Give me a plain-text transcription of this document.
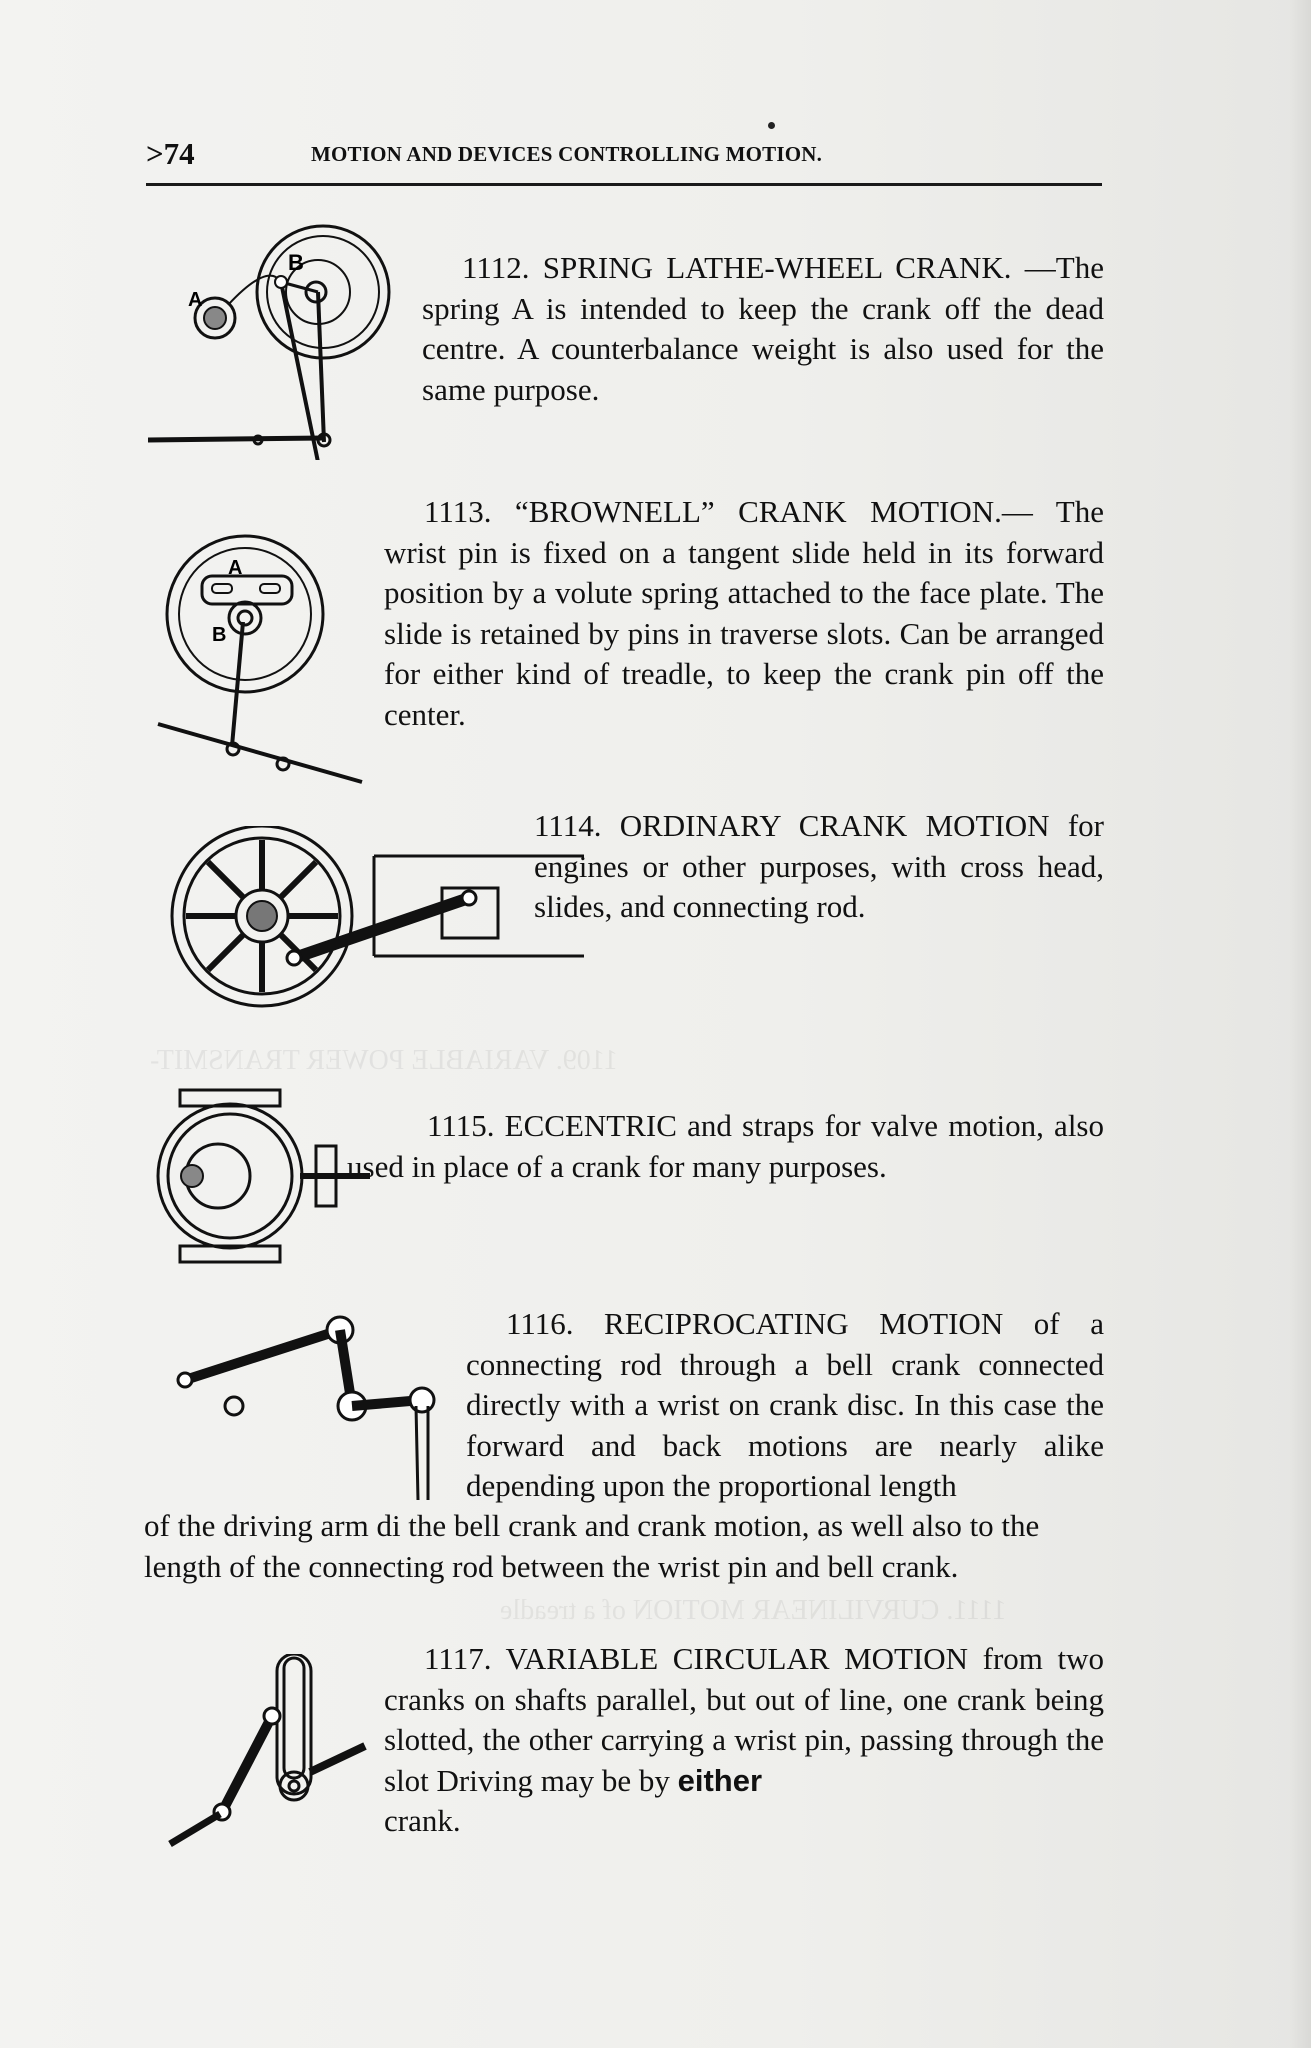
1109. VARIABLE POWER TRANSMIT-
1111. CURVILINEAR MOTION of a treadle
>74	MOTION AND DEVICES CONTROLLING MOTION.
B
A
1112. SPRING LATHE-WHEEL CRANK. —The spring A is intended to keep the crank off the dead centre. A counterbalance weight is also used for the same purpose.
A
B
1113. “BROWNELL” CRANK MOTION.— The wrist pin is fixed on a tangent slide held in its forward position by a volute spring attached to the face plate. The slide is retained by pins in traverse slots. Can be arranged for either kind of treadle, to keep the crank pin off the center.
1114. ORDINARY CRANK MOTION for engines or other purposes, with cross head, slides, and connecting rod.
1115. ECCENTRIC and straps for valve motion, also used in place of a crank for many purposes.
1116. RECIPROCATING MOTION of a connecting rod through a bell crank connected directly with a wrist on crank disc. In this case the forward and back motions are nearly alike depending upon the proportional length
of the driving arm di the bell crank and crank motion, as well also to the length of the connecting rod between the wrist pin and bell crank.
1117. VARIABLE CIRCULAR MOTION from two cranks on shafts parallel, but out of line, one crank being slotted, the other carrying a wrist pin, passing through the slot Driving may be by either
crank.
